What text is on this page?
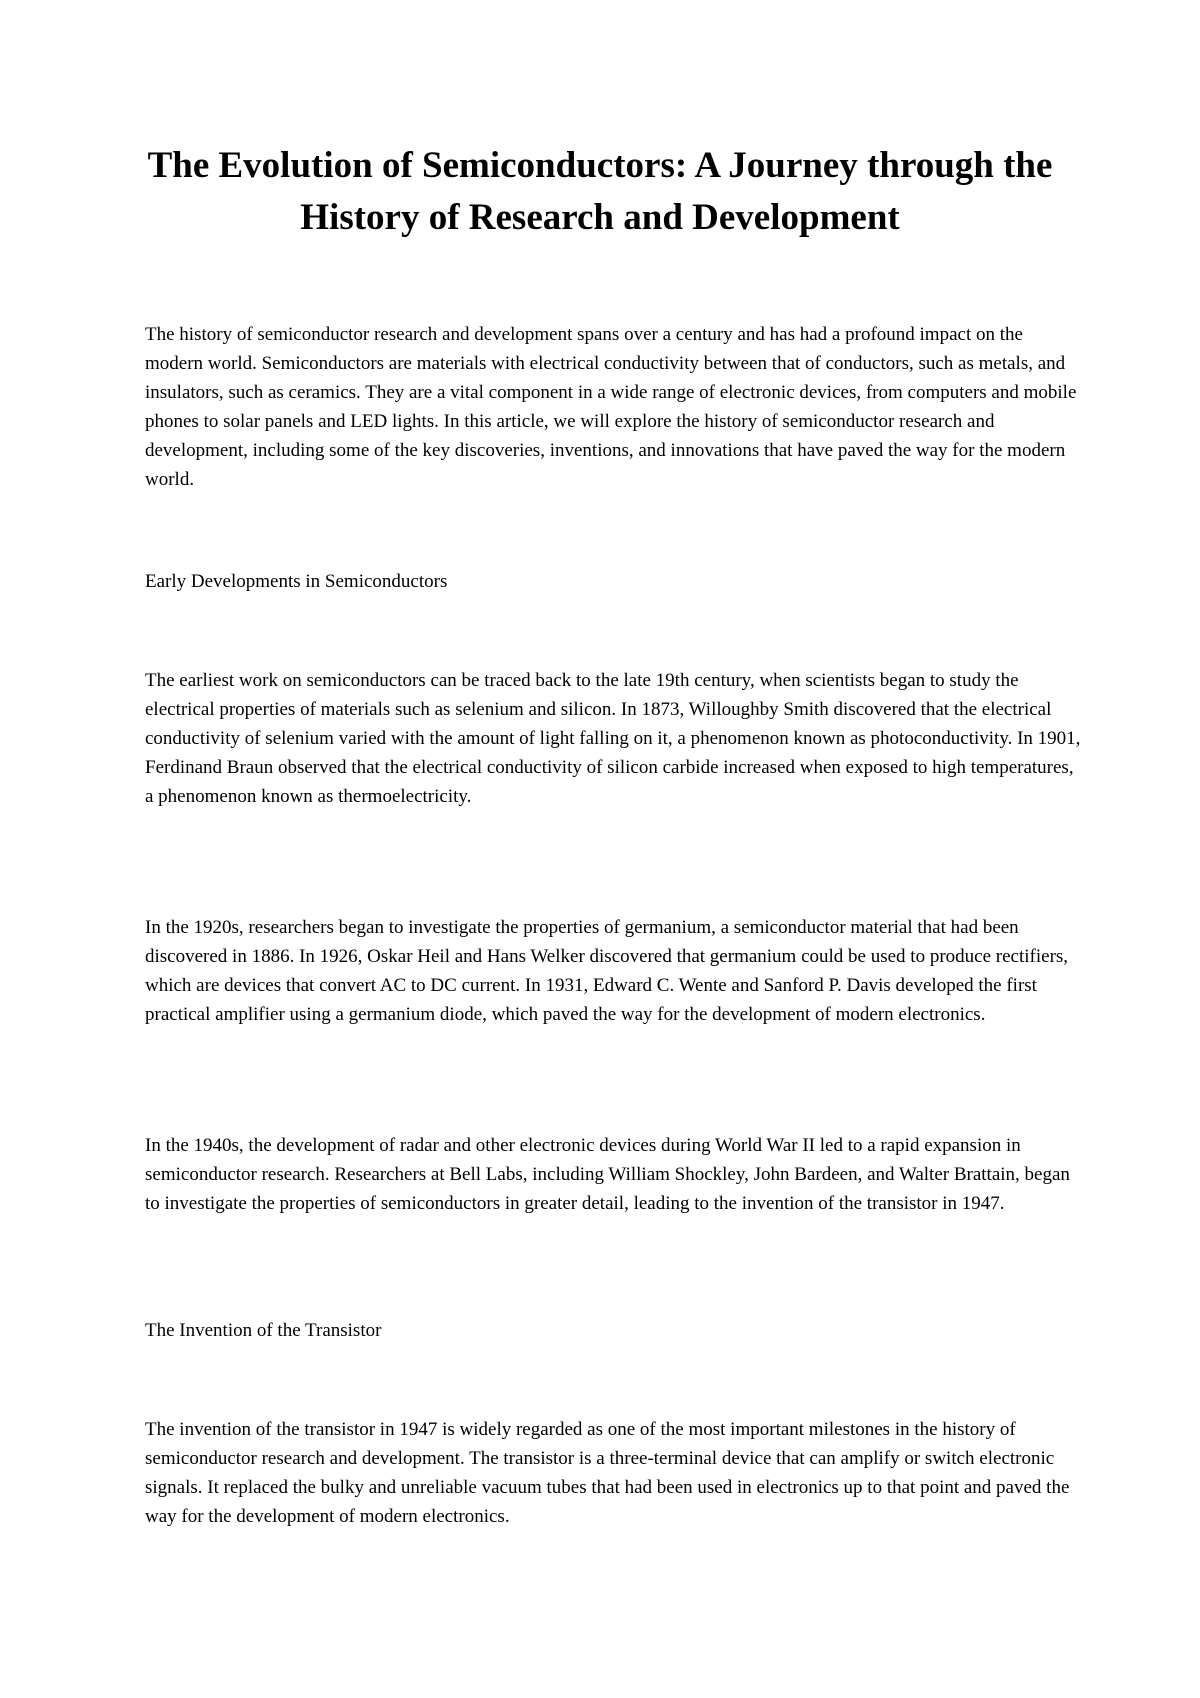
The Evolution of Semiconductors: A Journey through the History of Research and Development

The history of semiconductor research and development spans over a century and has had a profound impact on the modern world. Semiconductors are materials with electrical conductivity between that of conductors, such as metals, and insulators, such as ceramics. They are a vital component in a wide range of electronic devices, from computers and mobile phones to solar panels and LED lights. In this article, we will explore the history of semiconductor research and development, including some of the key discoveries, inventions, and innovations that have paved the way for the modern world.

Early Developments in Semiconductors

The earliest work on semiconductors can be traced back to the late 19th century, when scientists began to study the electrical properties of materials such as selenium and silicon. In 1873, Willoughby Smith discovered that the electrical conductivity of selenium varied with the amount of light falling on it, a phenomenon known as photoconductivity. In 1901, Ferdinand Braun observed that the electrical conductivity of silicon carbide increased when exposed to high temperatures, a phenomenon known as thermoelectricity.

In the 1920s, researchers began to investigate the properties of germanium, a semiconductor material that had been discovered in 1886. In 1926, Oskar Heil and Hans Welker discovered that germanium could be used to produce rectifiers, which are devices that convert AC to DC current. In 1931, Edward C. Wente and Sanford P. Davis developed the first practical amplifier using a germanium diode, which paved the way for the development of modern electronics.

In the 1940s, the development of radar and other electronic devices during World War II led to a rapid expansion in semiconductor research. Researchers at Bell Labs, including William Shockley, John Bardeen, and Walter Brattain, began to investigate the properties of semiconductors in greater detail, leading to the invention of the transistor in 1947.

The Invention of the Transistor

The invention of the transistor in 1947 is widely regarded as one of the most important milestones in the history of semiconductor research and development. The transistor is a three-terminal device that can amplify or switch electronic signals. It replaced the bulky and unreliable vacuum tubes that had been used in electronics up to that point and paved the way for the development of modern electronics.
